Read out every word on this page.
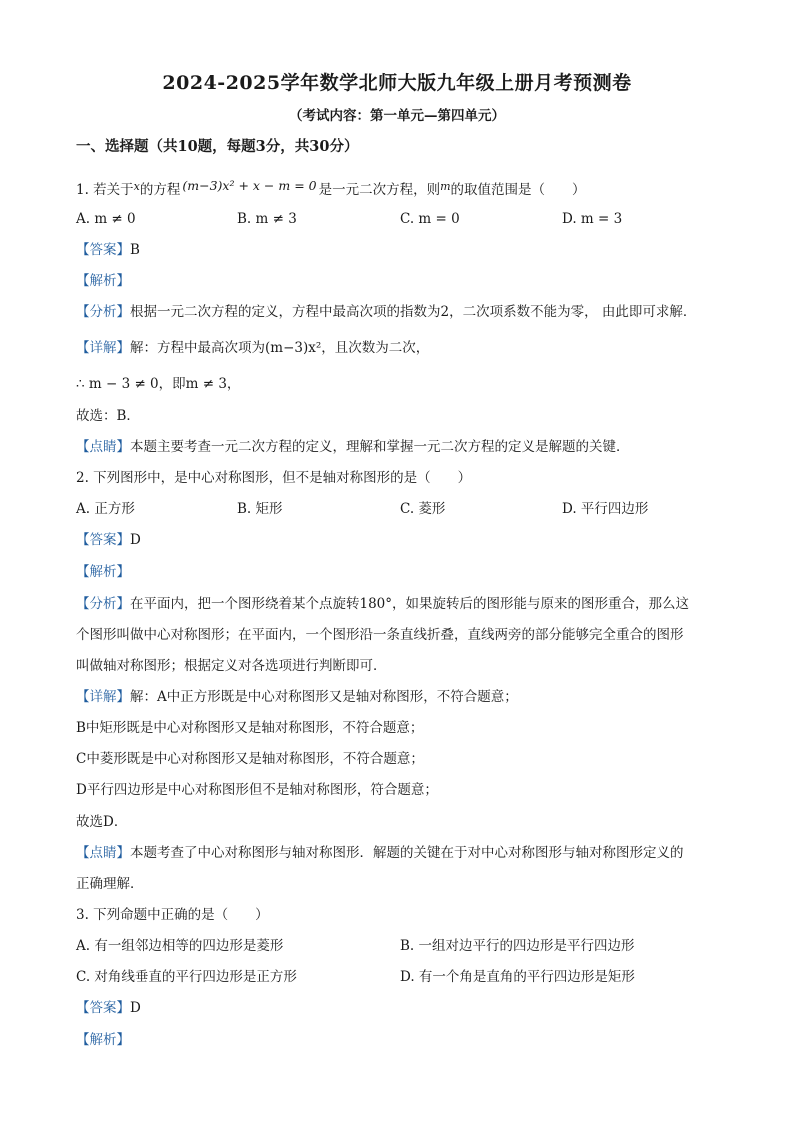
2024-2025学年数学北师大版九年级上册月考预测卷
（考试内容：第一单元—第四单元）
一、选择题（共10题，每题3分，共30分）
1. 若关于$^x$的方程 (m−3)x² + x − m = 0 是一元二次方程，则$^m$的取值范围是（　　）
A. m ≠ 0	B. m ≠ 3	C. m = 0	D. m = 3
【答案】B
【解析】
【分析】根据一元二次方程的定义，方程中最高次项的指数为2，二次项系数不能为零， 由此即可求解．
【详解】解：方程中最高次项为(m−3)x²，且次数为二次，
∴ m − 3 ≠ 0，即m ≠ 3，
故选：B．
【点睛】本题主要考查一元二次方程的定义，理解和掌握一元二次方程的定义是解题的关键．
2. 下列图形中，是中心对称图形，但不是轴对称图形的是（　　）
A. 正方形	B. 矩形	C. 菱形	D. 平行四边形
【答案】D
【解析】
【分析】在平面内，把一个图形绕着某个点旋转180°，如果旋转后的图形能与原来的图形重合，那么这
个图形叫做中心对称图形；在平面内，一个图形沿一条直线折叠，直线两旁的部分能够完全重合的图形
叫做轴对称图形；根据定义对各选项进行判断即可．
【详解】解：A中正方形既是中心对称图形又是轴对称图形，不符合题意；
B中矩形既是中心对称图形又是轴对称图形，不符合题意；
C中菱形既是中心对称图形又是轴对称图形，不符合题意；
D平行四边形是中心对称图形但不是轴对称图形，符合题意；
故选D．
【点睛】本题考查了中心对称图形与轴对称图形．解题的关键在于对中心对称图形与轴对称图形定义的
正确理解．
3. 下列命题中正确的是（　　）
A. 有一组邻边相等的四边形是菱形	B. 一组对边平行的四边形是平行四边形
C. 对角线垂直的平行四边形是正方形	D. 有一个角是直角的平行四边形是矩形
【答案】D
【解析】
